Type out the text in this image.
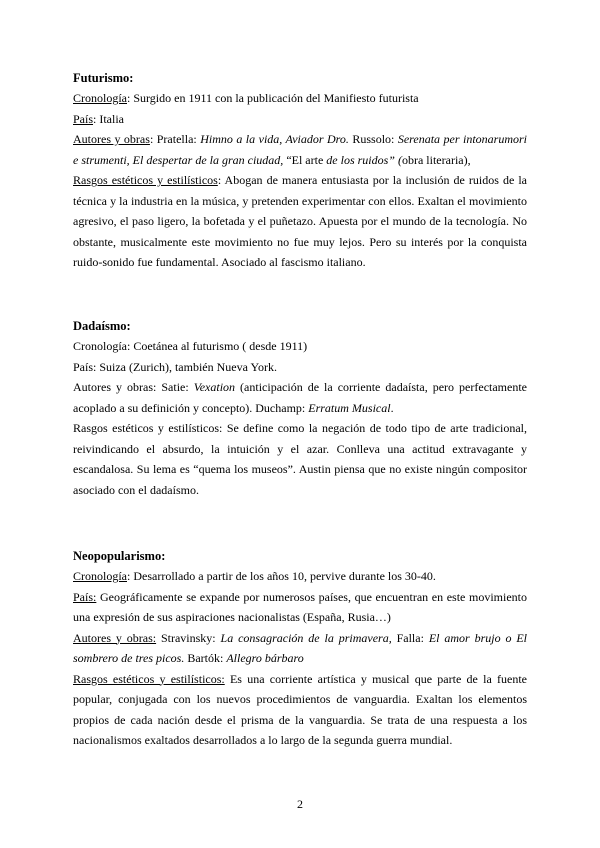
Futurismo:

Cronología: Surgido en 1911 con la publicación del Manifiesto futurista

País: Italia

Autores y obras: Pratella: Himno a la vida, Aviador Dro. Russolo: Serenata per intonarumori e strumenti, El despertar de la gran ciudad, “El arte de los ruidos” (obra literaria),

Rasgos estéticos y estilísticos: Abogan de manera entusiasta por la inclusión de ruidos de la técnica y la industria en la música, y pretenden experimentar con ellos. Exaltan el movimiento agresivo, el paso ligero, la bofetada y el puñetazo. Apuesta por el mundo de la tecnología. No obstante, musicalmente este movimiento no fue muy lejos. Pero su interés por la conquista ruido-sonido fue fundamental. Asociado al fascismo italiano.

Dadaísmo:

Cronología: Coetánea al futurismo ( desde 1911)

País: Suiza (Zurich), también Nueva York.

Autores y obras: Satie: Vexation (anticipación de la corriente dadaísta, pero perfectamente acoplado a su definición y concepto). Duchamp: Erratum Musical.

Rasgos estéticos y estilísticos: Se define como la negación de todo tipo de arte tradicional, reivindicando el absurdo, la intuición y el azar. Conlleva una actitud extravagante y escandalosa. Su lema es “quema los museos”. Austin piensa que no existe ningún compositor asociado con el dadaísmo.

Neopopularismo:

Cronología: Desarrollado a partir de los años 10, pervive durante los 30-40.

País: Geográficamente se expande por numerosos países, que encuentran en este movimiento una expresión de sus aspiraciones nacionalistas (España, Rusia…)

Autores y obras: Stravinsky: La consagración de la primavera, Falla: El amor brujo o El sombrero de tres picos. Bartók: Allegro bárbaro

Rasgos estéticos y estilísticos: Es una corriente artística y musical que parte de la fuente popular, conjugada con los nuevos procedimientos de vanguardia. Exaltan los elementos propios de cada nación desde el prisma de la vanguardia. Se trata de una respuesta a los nacionalismos exaltados desarrollados a lo largo de la segunda guerra mundial.

2
